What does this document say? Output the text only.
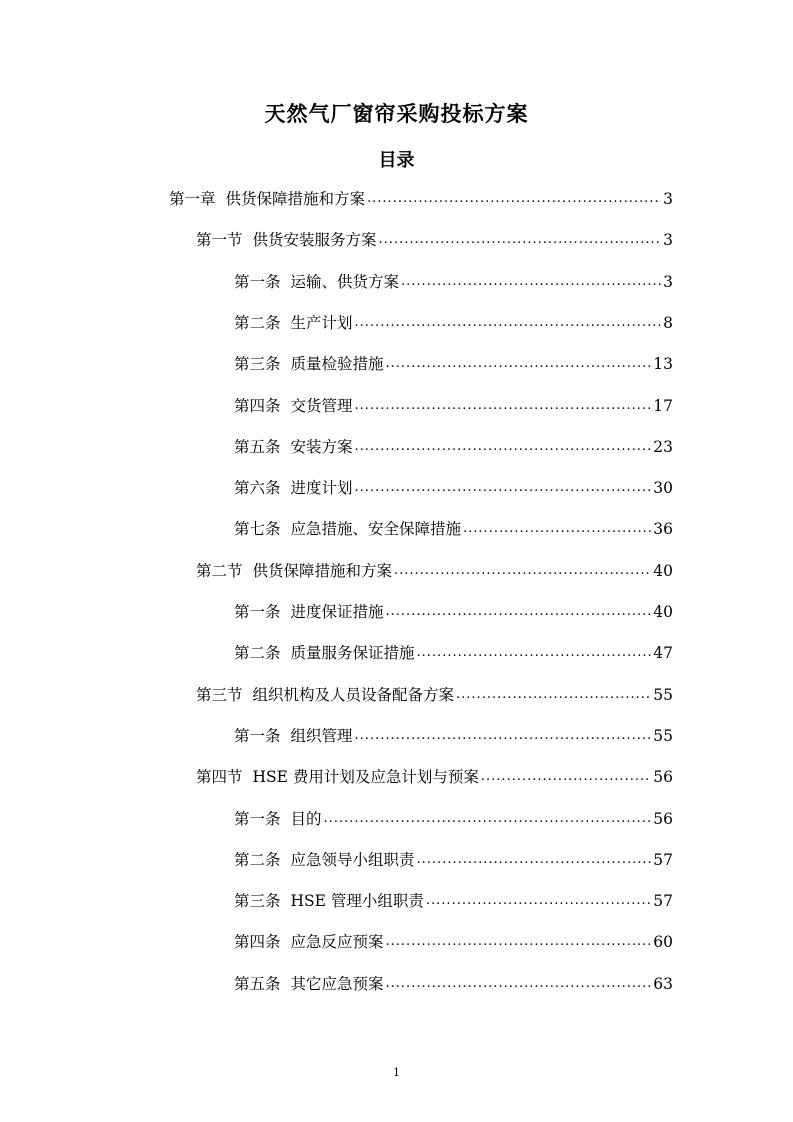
天然气厂窗帘采购投标方案
目录
第一章 供货保障措施和方案 .....	3
第一节 供货安装服务方案 .....	3
第一条 运输、供货方案 .....	3
第二条 生产计划 .....	8
第三条 质量检验措施 .....	13
第四条 交货管理 .....	17
第五条 安装方案 .....	23
第六条 进度计划 .....	30
第七条 应急措施、安全保障措施 .....	36
第二节 供货保障措施和方案 .....	40
第一条 进度保证措施 .....	40
第二条 质量服务保证措施 .....	47
第三节 组织机构及人员设备配备方案 .....	55
第一条 组织管理 .....	55
第四节 HSE 费用计划及应急计划与预案 .....	56
第一条 目的 .....	56
第二条 应急领导小组职责 .....	57
第三条 HSE 管理小组职责 .....	57
第四条 应急反应预案 .....	60
第五条 其它应急预案 .....	63
1
